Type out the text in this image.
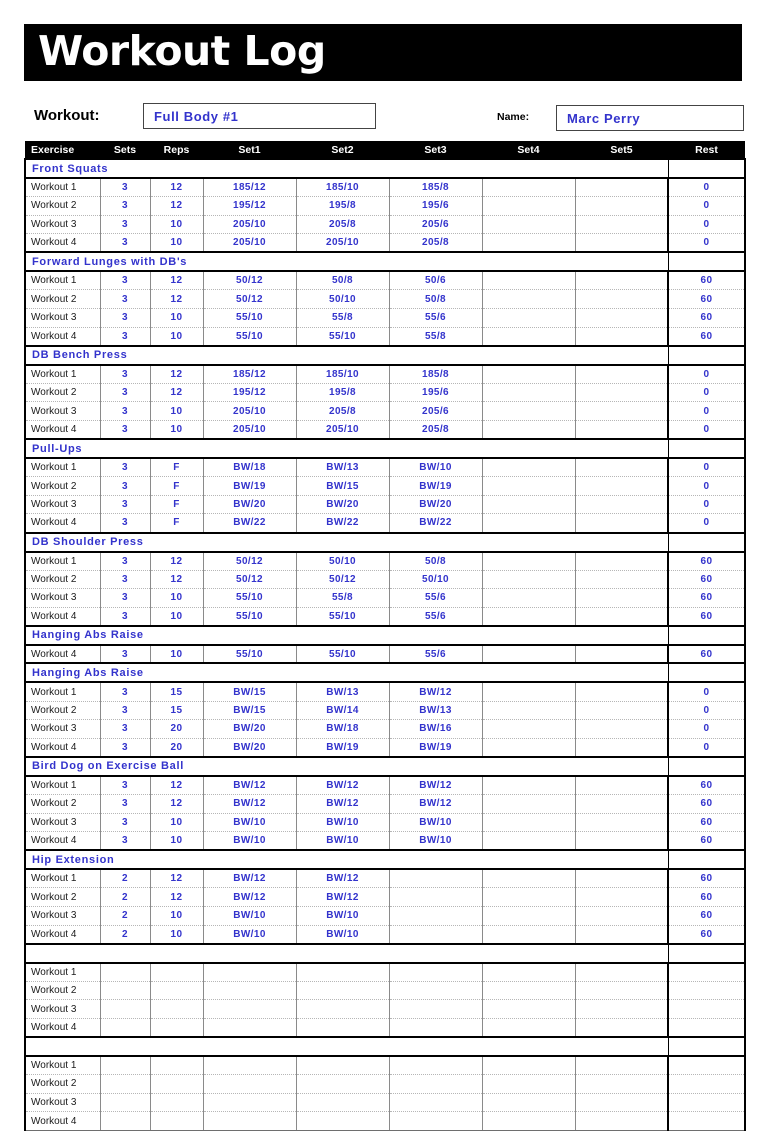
Workout Log
Workout:	Full Body #1	Name:	Marc Perry
Exercise	Sets	Reps	Set1	Set2	Set3	Set4	Set5	Rest
Front Squats								
Workout 1	3	12	185/12	185/10	185/8			0
Workout 2	3	12	195/12	195/8	195/6			0
Workout 3	3	10	205/10	205/8	205/6			0
Workout 4	3	10	205/10	205/10	205/8			0
Forward Lunges with DB's								
Workout 1	3	12	50/12	50/8	50/6			60
Workout 2	3	12	50/12	50/10	50/8			60
Workout 3	3	10	55/10	55/8	55/6			60
Workout 4	3	10	55/10	55/10	55/8			60
DB Bench Press								
Workout 1	3	12	185/12	185/10	185/8			0
Workout 2	3	12	195/12	195/8	195/6			0
Workout 3	3	10	205/10	205/8	205/6			0
Workout 4	3	10	205/10	205/10	205/8			0
Pull-Ups								
Workout 1	3	F	BW/18	BW/13	BW/10			0
Workout 2	3	F	BW/19	BW/15	BW/19			0
Workout 3	3	F	BW/20	BW/20	BW/20			0
Workout 4	3	F	BW/22	BW/22	BW/22			0
DB Shoulder Press								
Workout 1	3	12	50/12	50/10	50/8			60
Workout 2	3	12	50/12	50/12	50/10			60
Workout 3	3	10	55/10	55/8	55/6			60
Workout 4	3	10	55/10	55/10	55/6			60
Hanging Abs Raise								
Workout 4	3	10	55/10	55/10	55/6			60
Hanging Abs Raise								
Workout 1	3	15	BW/15	BW/13	BW/12			0
Workout 2	3	15	BW/15	BW/14	BW/13			0
Workout 3	3	20	BW/20	BW/18	BW/16			0
Workout 4	3	20	BW/20	BW/19	BW/19			0
Bird Dog on Exercise Ball								
Workout 1	3	12	BW/12	BW/12	BW/12			60
Workout 2	3	12	BW/12	BW/12	BW/12			60
Workout 3	3	10	BW/10	BW/10	BW/10			60
Workout 4	3	10	BW/10	BW/10	BW/10			60
Hip Extension								
Workout 1	2	12	BW/12	BW/12				60
Workout 2	2	12	BW/12	BW/12				60
Workout 3	2	10	BW/10	BW/10				60
Workout 4	2	10	BW/10	BW/10				60

Workout 1								
Workout 2								
Workout 3								
Workout 4								

Workout 1								
Workout 2								
Workout 3								
Workout 4								
